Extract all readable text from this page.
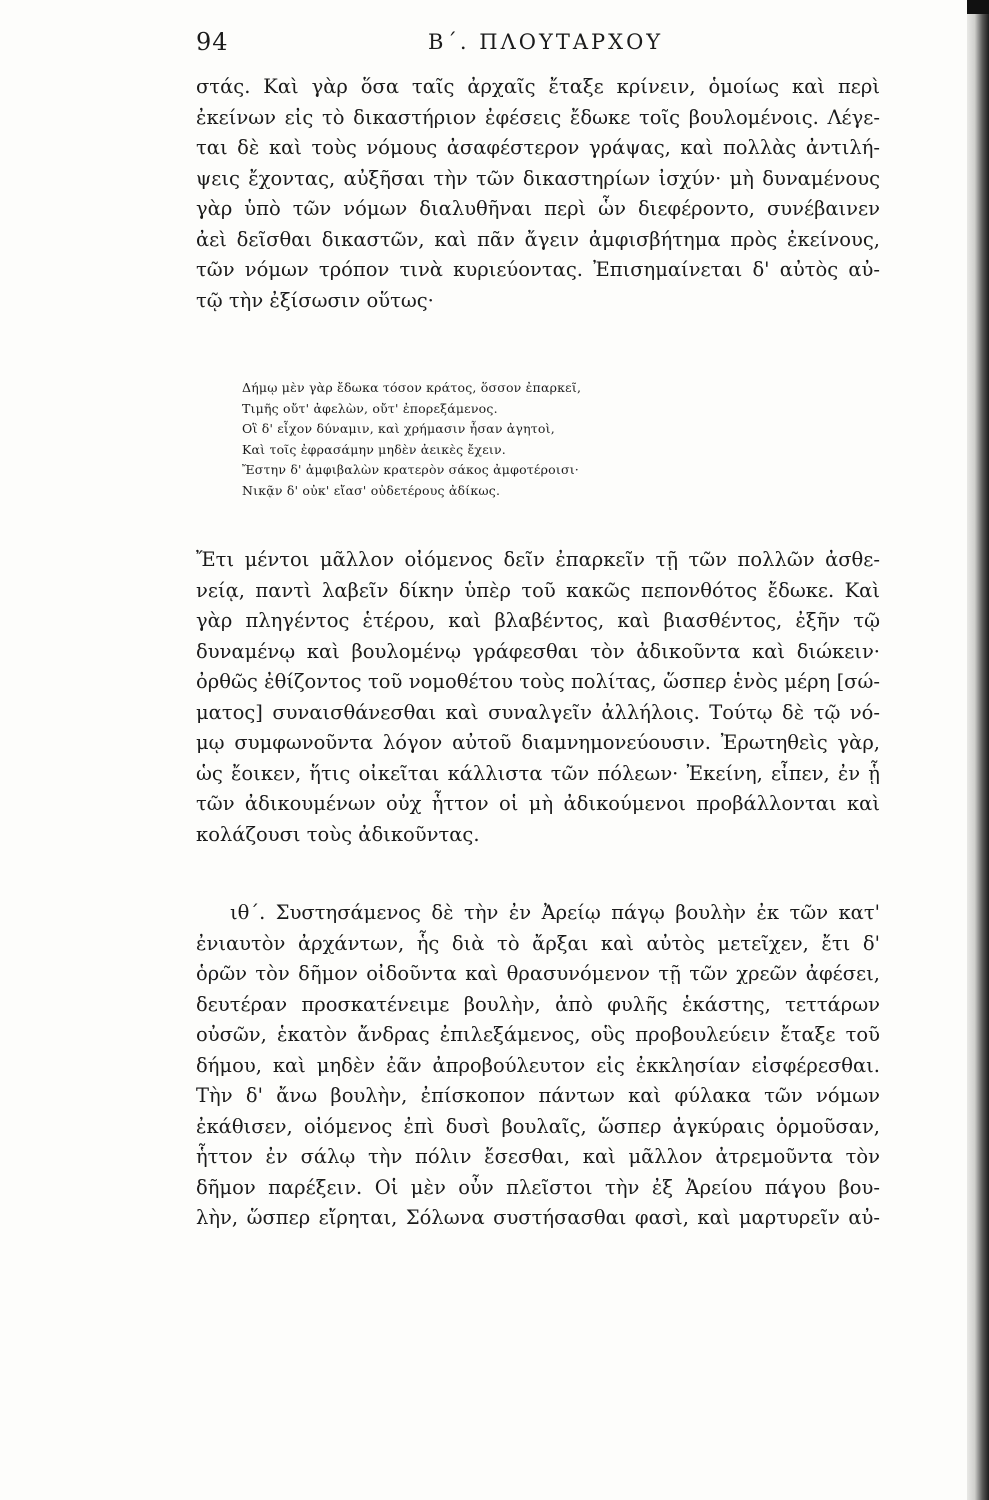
94	Β΄. ΠΛΟΥΤΑΡΧΟΥ
στάς. Καὶ γὰρ ὅσα ταῖς ἀρχαῖς ἔταξε κρίνειν, ὁμοίως καὶ περὶ
ἐκείνων εἰς τὸ δικαστήριον ἐφέσεις ἔδωκε τοῖς βουλομένοις. Λέγε-
ται δὲ καὶ τοὺς νόμους ἀσαφέστερον γράψας, καὶ πολλὰς ἀντιλή-
ψεις ἔχοντας, αὐξῆσαι τὴν τῶν δικαστηρίων ἰσχύν· μὴ δυναμένους
γὰρ ὑπὸ τῶν νόμων διαλυθῆναι περὶ ὧν διεφέροντο, συνέβαινεν
ἀεὶ δεῖσθαι δικαστῶν, καὶ πᾶν ἄγειν ἀμφισβήτημα πρὸς ἐκείνους,
τῶν νόμων τρόπον τινὰ κυριεύοντας. Ἐπισημαίνεται δ' αὐτὸς αὐ-
τῷ τὴν ἐξίσωσιν οὕτως·
Δήμῳ μὲν γὰρ ἔδωκα τόσον κράτος, ὅσσον ἐπαρκεῖ,
Τιμῆς οὔτ' ἀφελὼν, οὔτ' ἐπορεξάμενος.
Οἳ δ' εἶχον δύναμιν, καὶ χρήμασιν ἦσαν ἀγητοὶ,
Καὶ τοῖς ἐφρασάμην μηδὲν ἀεικὲς ἔχειν.
Ἔστην δ' ἀμφιβαλὼν κρατερὸν σάκος ἀμφοτέροισι·
Νικᾷν δ' οὐκ' εἴασ' οὐδετέρους ἀδίκως.
Ἔτι μέντοι μᾶλλον οἰόμενος δεῖν ἐπαρκεῖν τῇ τῶν πολλῶν ἀσθε-
νείᾳ, παντὶ λαβεῖν δίκην ὑπὲρ τοῦ κακῶς πεπονθότος ἔδωκε. Καὶ
γὰρ πληγέντος ἑτέρου, καὶ βλαβέντος, καὶ βιασθέντος, ἐξῆν τῷ
δυναμένῳ καὶ βουλομένῳ γράφεσθαι τὸν ἀδικοῦντα καὶ διώκειν·
ὀρθῶς ἐθίζοντος τοῦ νομοθέτου τοὺς πολίτας, ὥσπερ ἑνὸς μέρη [σώ-
ματος] συναισθάνεσθαι καὶ συναλγεῖν ἀλλήλοις. Τούτῳ δὲ τῷ νό-
μῳ συμφωνοῦντα λόγον αὐτοῦ διαμνημονεύουσιν. Ἐρωτηθεὶς γὰρ,
ὡς ἔοικεν, ἥτις οἰκεῖται κάλλιστα τῶν πόλεων· Ἐκείνη, εἶπεν, ἐν ᾗ
τῶν ἀδικουμένων οὐχ ἧττον οἱ μὴ ἀδικούμενοι προβάλλονται καὶ
κολάζουσι τοὺς ἀδικοῦντας.
ιθ΄. Συστησάμενος δὲ τὴν ἐν Ἀρείῳ πάγῳ βουλὴν ἐκ τῶν κατ'
ἐνιαυτὸν ἀρχάντων, ἧς διὰ τὸ ἄρξαι καὶ αὐτὸς μετεῖχεν, ἔτι δ'
ὁρῶν τὸν δῆμον οἰδοῦντα καὶ θρασυνόμενον τῇ τῶν χρεῶν ἀφέσει,
δευτέραν προσκατένειμε βουλὴν, ἀπὸ φυλῆς ἑκάστης, τεττάρων
οὐσῶν, ἑκατὸν ἄνδρας ἐπιλεξάμενος, οὓς προβουλεύειν ἔταξε τοῦ
δήμου, καὶ μηδὲν ἐᾶν ἀπροβούλευτον εἰς ἐκκλησίαν εἰσφέρεσθαι.
Τὴν δ' ἄνω βουλὴν, ἐπίσκοπον πάντων καὶ φύλακα τῶν νόμων
ἐκάθισεν, οἰόμενος ἐπὶ δυσὶ βουλαῖς, ὥσπερ ἀγκύραις ὁρμοῦσαν,
ἧττον ἐν σάλῳ τὴν πόλιν ἔσεσθαι, καὶ μᾶλλον ἀτρεμοῦντα τὸν
δῆμον παρέξειν. Οἱ μὲν οὖν πλεῖστοι τὴν ἐξ Ἀρείου πάγου βου-
λὴν, ὥσπερ εἴρηται, Σόλωνα συστήσασθαι φασὶ, καὶ μαρτυρεῖν αὐ-
